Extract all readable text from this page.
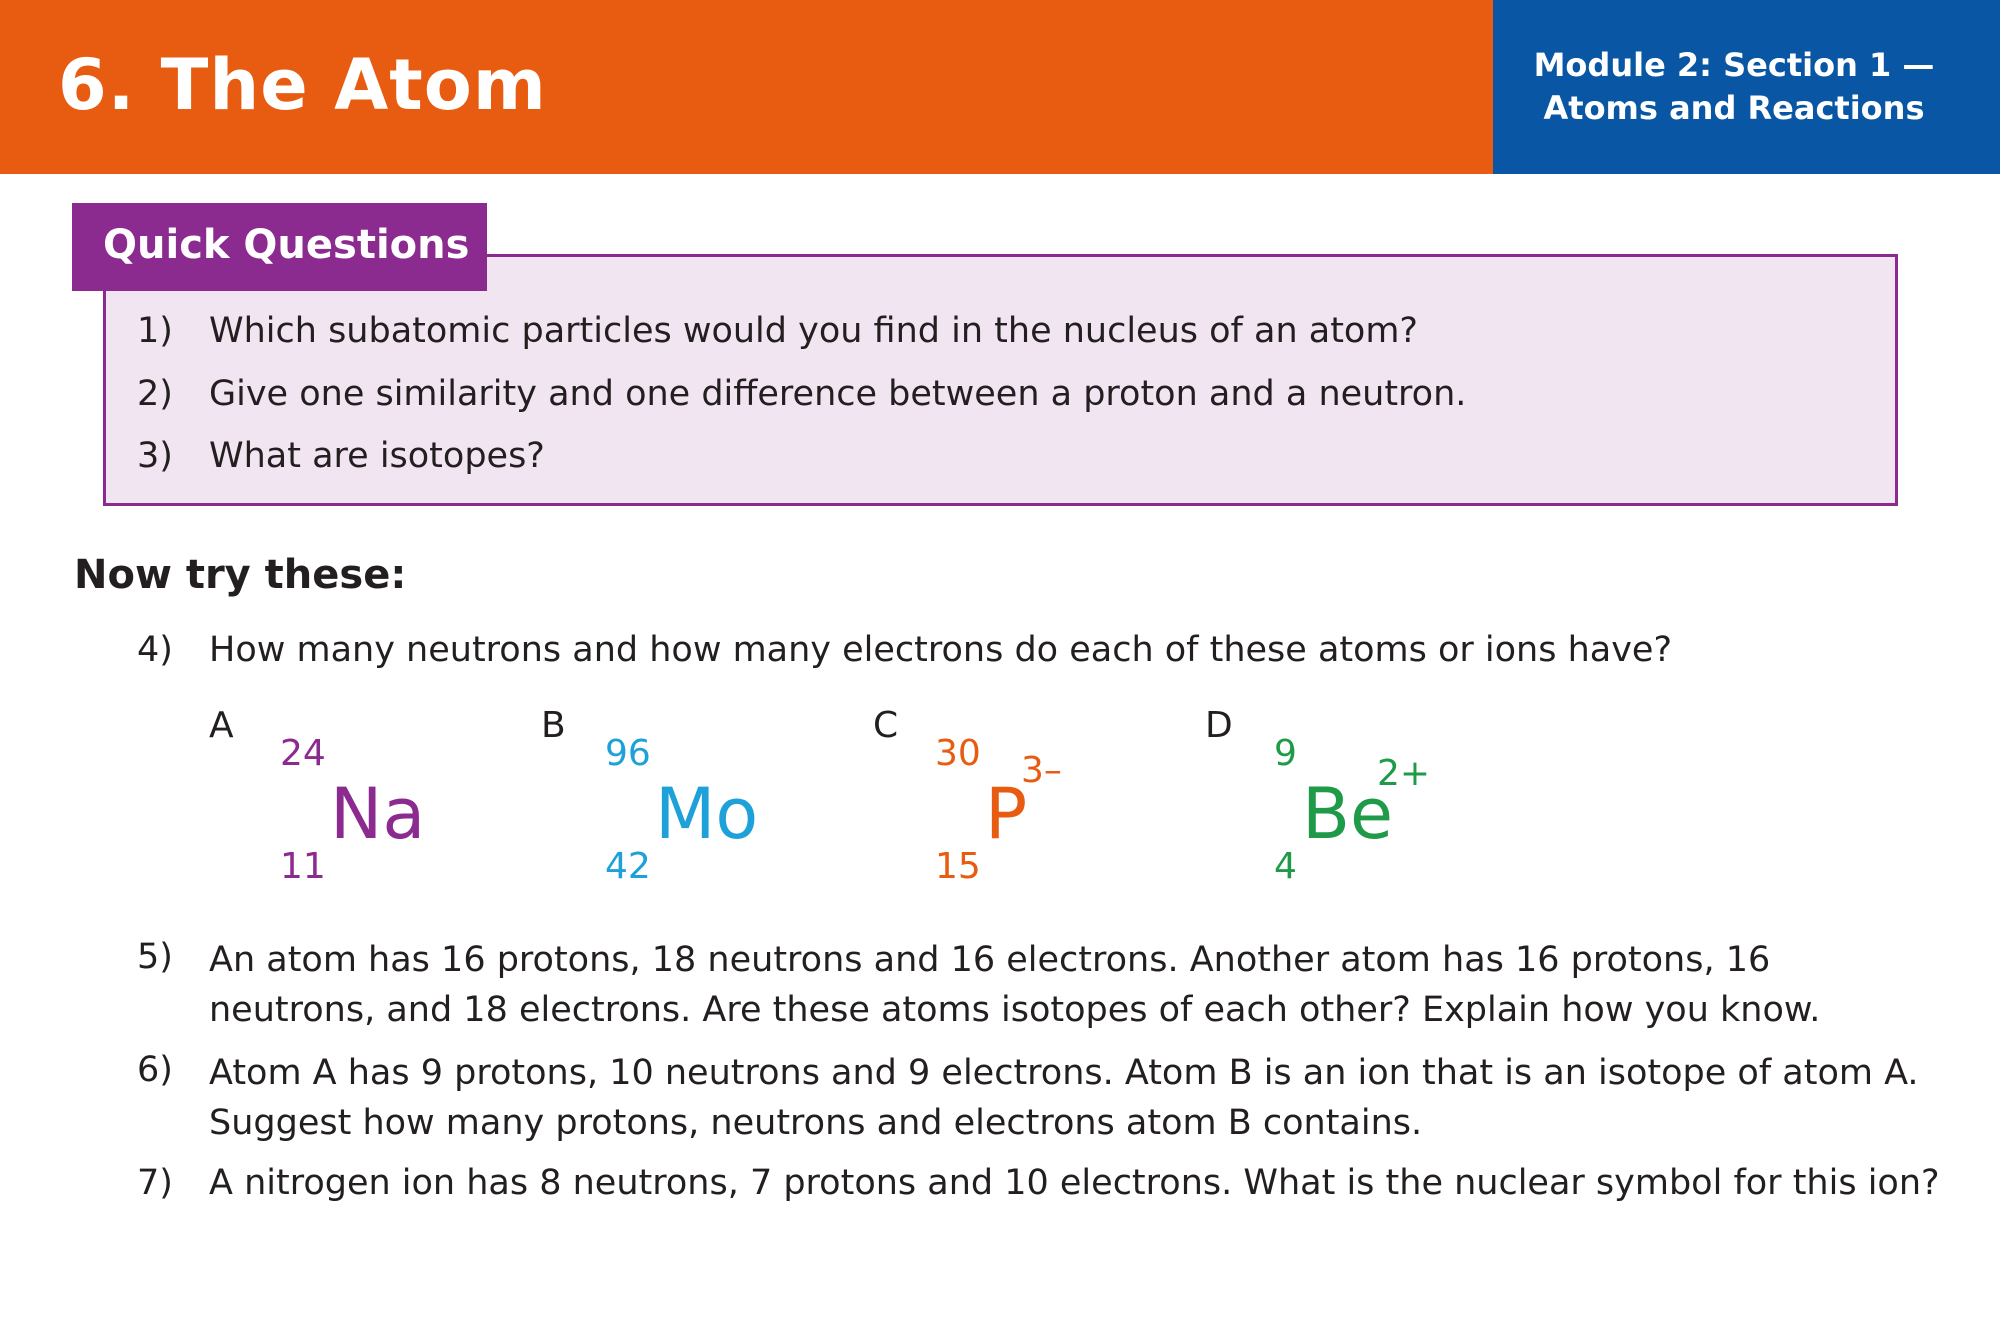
6. The Atom	Module 2: Section 1 —
Atoms and Reactions
Quick Questions
1) Which subatomic particles would you find in the nucleus of an atom?
2) Give one similarity and one difference between a proton and a neutron.
3) What are isotopes?
Now try these:
4) How many neutrons and how many electrons do each of these atoms or ions have?
A
24
Na
11
B
96
Mo
42
C
30
P
3–
15
D
9
Be
2+
4
5) An atom has 16 protons, 18 neutrons and 16 electrons. Another atom has 16 protons, 16 neutrons, and 18 electrons. Are these atoms isotopes of each other? Explain how you know.
6) Atom A has 9 protons, 10 neutrons and 9 electrons. Atom B is an ion that is an isotope of atom A. Suggest how many protons, neutrons and electrons atom B contains.
7) A nitrogen ion has 8 neutrons, 7 protons and 10 electrons. What is the nuclear symbol for this ion?
